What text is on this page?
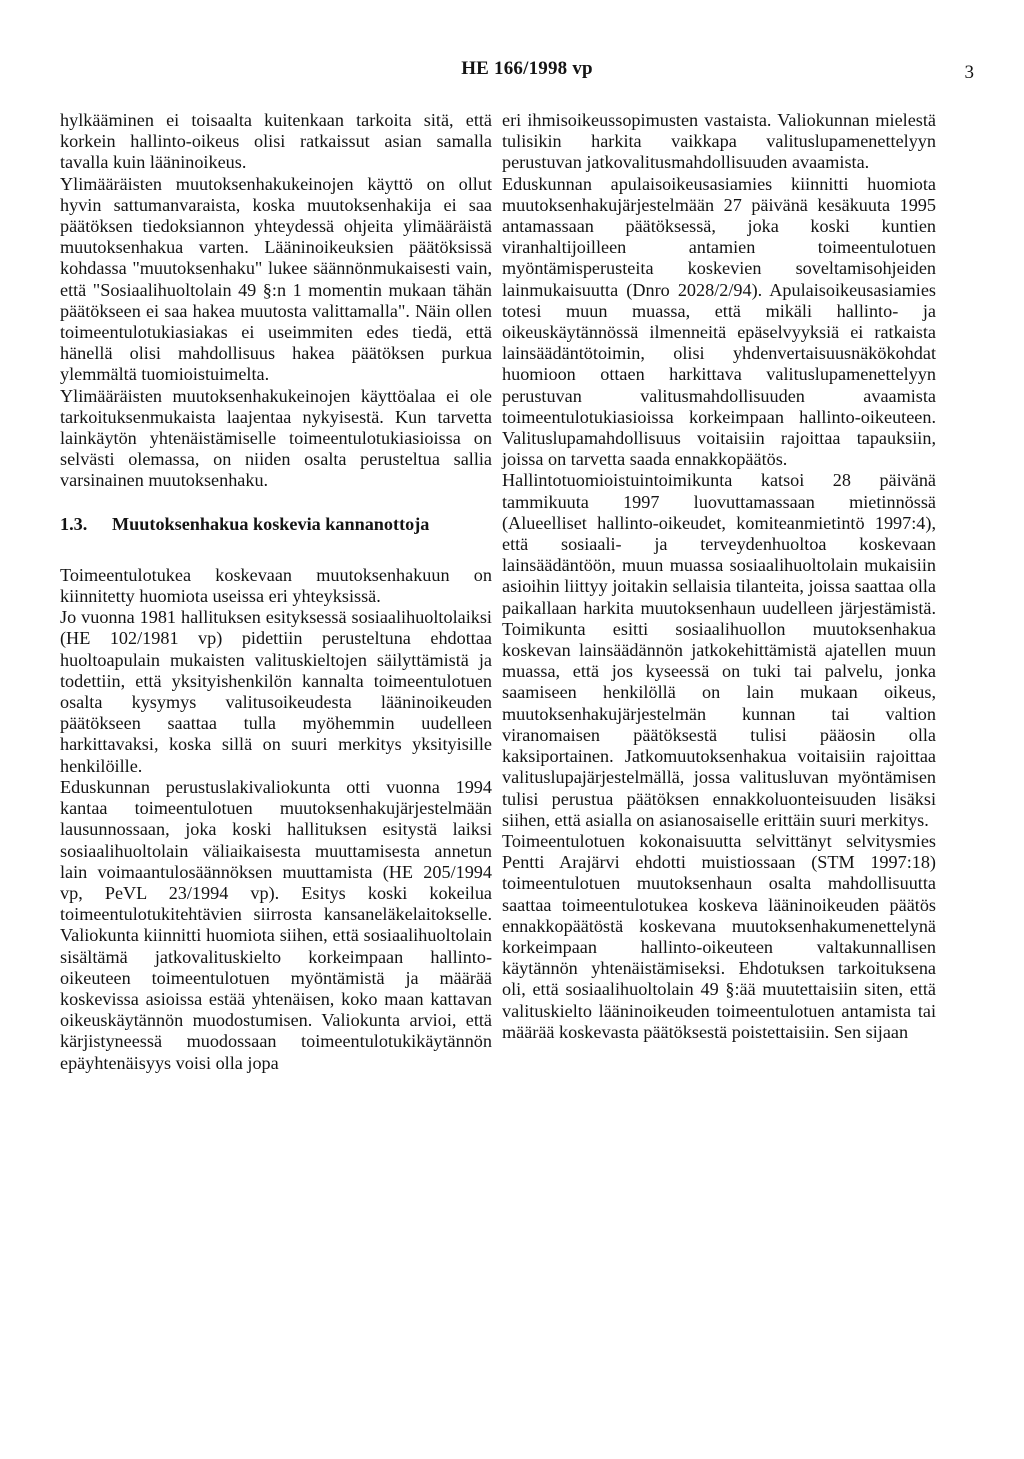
HE 166/1998 vp	3

hylkääminen ei toisaalta kuitenkaan tarkoita sitä, että korkein hallinto-oikeus olisi ratkaissut asian samalla tavalla kuin lääninoikeus.

Ylimääräisten muutoksenhakukeinojen käyttö on ollut hyvin sattumanvaraista, koska muutoksenhakija ei saa päätöksen tiedoksiannon yhteydessä ohjeita ylimääräistä muutoksenhakua varten. Lääninoikeuksien päätöksissä kohdassa "muutoksenhaku" lukee säännönmukaisesti vain, että "Sosiaalihuoltolain 49 §:n 1 momentin mukaan tähän päätökseen ei saa hakea muutosta valittamalla". Näin ollen toimeentulotukiasiakas ei useimmiten edes tiedä, että hänellä olisi mahdollisuus hakea päätöksen purkua ylemmältä tuomioistuimelta.

Ylimääräisten muutoksenhakukeinojen käyttöalaa ei ole tarkoituksenmukaista laajentaa nykyisestä. Kun tarvetta lainkäytön yhtenäistämiselle toimeentulotukiasioissa on selvästi olemassa, on niiden osalta perusteltua sallia varsinainen muutoksenhaku.

1.3.	Muutoksenhakua koskevia kannanottoja

Toimeentulotukea koskevaan muutoksenhakuun on kiinnitetty huomiota useissa eri yhteyksissä.

Jo vuonna 1981 hallituksen esityksessä sosiaalihuoltolaiksi (HE 102/1981 vp) pidettiin perusteltuna ehdottaa huoltoapulain mukaisten valituskieltojen säilyttämistä ja todettiin, että yksityishenkilön kannalta toimeentulotuen osalta kysymys valitusoikeudesta lääninoikeuden päätökseen saattaa tulla myöhemmin uudelleen harkittavaksi, koska sillä on suuri merkitys yksityisille henkilöille.

Eduskunnan perustuslakivaliokunta otti vuonna 1994 kantaa toimeentulotuen muutoksenhakujärjestelmään lausunnossaan, joka koski hallituksen esitystä laiksi sosiaalihuoltolain väliaikaisesta muuttamisesta annetun lain voimaantulosäännöksen muuttamista (HE 205/1994 vp, PeVL 23/1994 vp). Esitys koski kokeilua toimeentulotukitehtävien siirrosta kansaneläkelaitokselle. Valiokunta kiinnitti huomiota siihen, että sosiaalihuoltolain sisältämä jatkovalituskielto korkeimpaan hallinto-oikeuteen toimeentulotuen myöntämistä ja määrää koskevissa asioissa estää yhtenäisen, koko maan kattavan oikeuskäytännön muodostumisen. Valiokunta arvioi, että kärjistyneessä muodossaan toimeentulotukikäytännön epäyhtenäisyys voisi olla jopa

eri ihmisoikeussopimusten vastaista. Valiokunnan mielestä tulisikin harkita vaikkapa valituslupamenettelyyn perustuvan jatkovalitusmahdollisuuden avaamista.

Eduskunnan apulaisoikeusasiamies kiinnitti huomiota muutoksenhakujärjestelmään 27 päivänä kesäkuuta 1995 antamassaan päätöksessä, joka koski kuntien viranhaltijoilleen antamien toimeentulotuen myöntämisperusteita koskevien soveltamisohjeiden lainmukaisuutta (Dnro 2028/2/94). Apulaisoikeusasiamies totesi muun muassa, että mikäli hallinto- ja oikeuskäytännössä ilmenneitä epäselvyyksiä ei ratkaista lainsäädäntötoimin, olisi yhdenvertaisuusnäkökohdat huomioon ottaen harkittava valituslupamenettelyyn perustuvan valitusmahdollisuuden avaamista toimeentulotukiasioissa korkeimpaan hallinto-oikeuteen. Valituslupamahdollisuus voitaisiin rajoittaa tapauksiin, joissa on tarvetta saada ennakkopäätös.

Hallintotuomioistuintoimikunta katsoi 28 päivänä tammikuuta 1997 luovuttamassaan mietinnössä (Alueelliset hallinto-oikeudet, komiteanmietintö 1997:4), että sosiaali- ja terveydenhuoltoa koskevaan lainsäädäntöön, muun muassa sosiaalihuoltolain mukaisiin asioihin liittyy joitakin sellaisia tilanteita, joissa saattaa olla paikallaan harkita muutoksenhaun uudelleen järjestämistä. Toimikunta esitti sosiaalihuollon muutoksenhakua koskevan lainsäädännön jatkokehittämistä ajatellen muun muassa, että jos kyseessä on tuki tai palvelu, jonka saamiseen henkilöllä on lain mukaan oikeus, muutoksenhakujärjestelmän kunnan tai valtion viranomaisen päätöksestä tulisi pääosin olla kaksiportainen. Jatkomuutoksenhakua voitaisiin rajoittaa valituslupajärjestelmällä, jossa valitusluvan myöntämisen tulisi perustua päätöksen ennakkoluonteisuuden lisäksi siihen, että asialla on asianosaiselle erittäin suuri merkitys.

Toimeentulotuen kokonaisuutta selvittänyt selvitysmies Pentti Arajärvi ehdotti muistiossaan (STM 1997:18) toimeentulotuen muutoksenhaun osalta mahdollisuutta saattaa toimeentulotukea koskeva lääninoikeuden päätös ennakkopäätöstä koskevana muutoksenhakumenettelynä korkeimpaan hallinto-oikeuteen valtakunnallisen käytännön yhtenäistämiseksi. Ehdotuksen tarkoituksena oli, että sosiaalihuoltolain 49 §:ää muutettaisiin siten, että valituskielto lääninoikeuden toimeentulotuen antamista tai määrää koskevasta päätöksestä poistettaisiin. Sen sijaan
